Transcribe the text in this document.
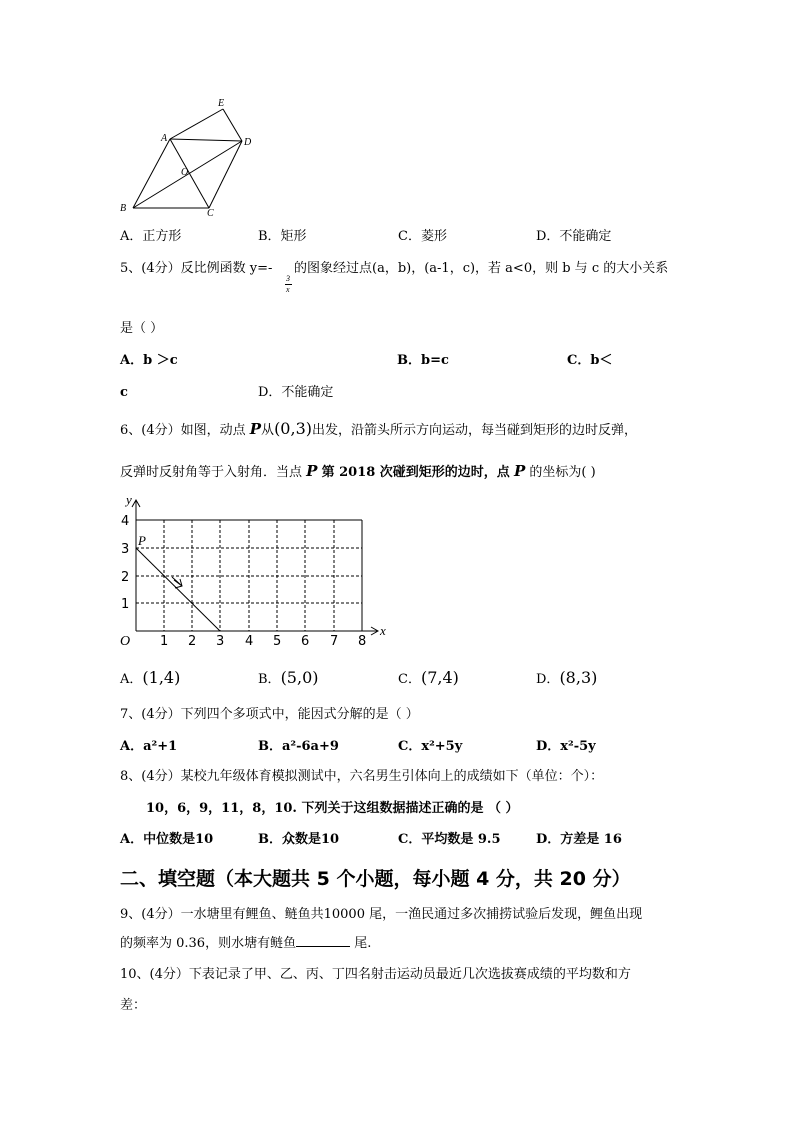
E
A	D
O
B	C
A．正方形	B．矩形	C．菱形	D．不能确定
5、(4分）反比例函数 y=-
3
x
的图象经过点(a，b)，(a-1，c)，若 a<0，则 b 与 c 的大小关系
是（ ）
A．b ＞c	B．b=c	C．b＜
c	D．不能确定
6、(4分）如图，动点 P从(0,3)出发，沿箭头所示方向运动，每当碰到矩形的边时反弹，
反弹时反射角等于入射角．当点 P 第 2018 次碰到矩形的边时，点 P 的坐标为( )
y
x
O
P
1 2 3 4 5 6 7 8
1
2
3
4
A．(1,4)	B．(5,0)	C．(7,4)	D．(8,3)
7、(4分）下列四个多项式中，能因式分解的是（ ）
A．a²+1	B．a²-6a+9	C．x²+5y	D．x²-5y
8、(4分）某校九年级体育模拟测试中，六名男生引体向上的成绩如下（单位：个）：
10，6，9，11，8，10. 下列关于这组数据描述正确的是 （ ）
A．中位数是10	B．众数是10	C．平均数是 9.5	D．方差是 16
二、填空题（本大题共 5 个小题，每小题 4 分，共 20 分）
9、(4分）一水塘里有鲤鱼、鲢鱼共10000 尾，一渔民通过多次捕捞试验后发现，鲤鱼出现
的频率为 0.36，则水塘有鲢鱼	尾.
10、(4分）下表记录了甲、乙、丙、丁四名射击运动员最近几次选拔赛成绩的平均数和方
差：
